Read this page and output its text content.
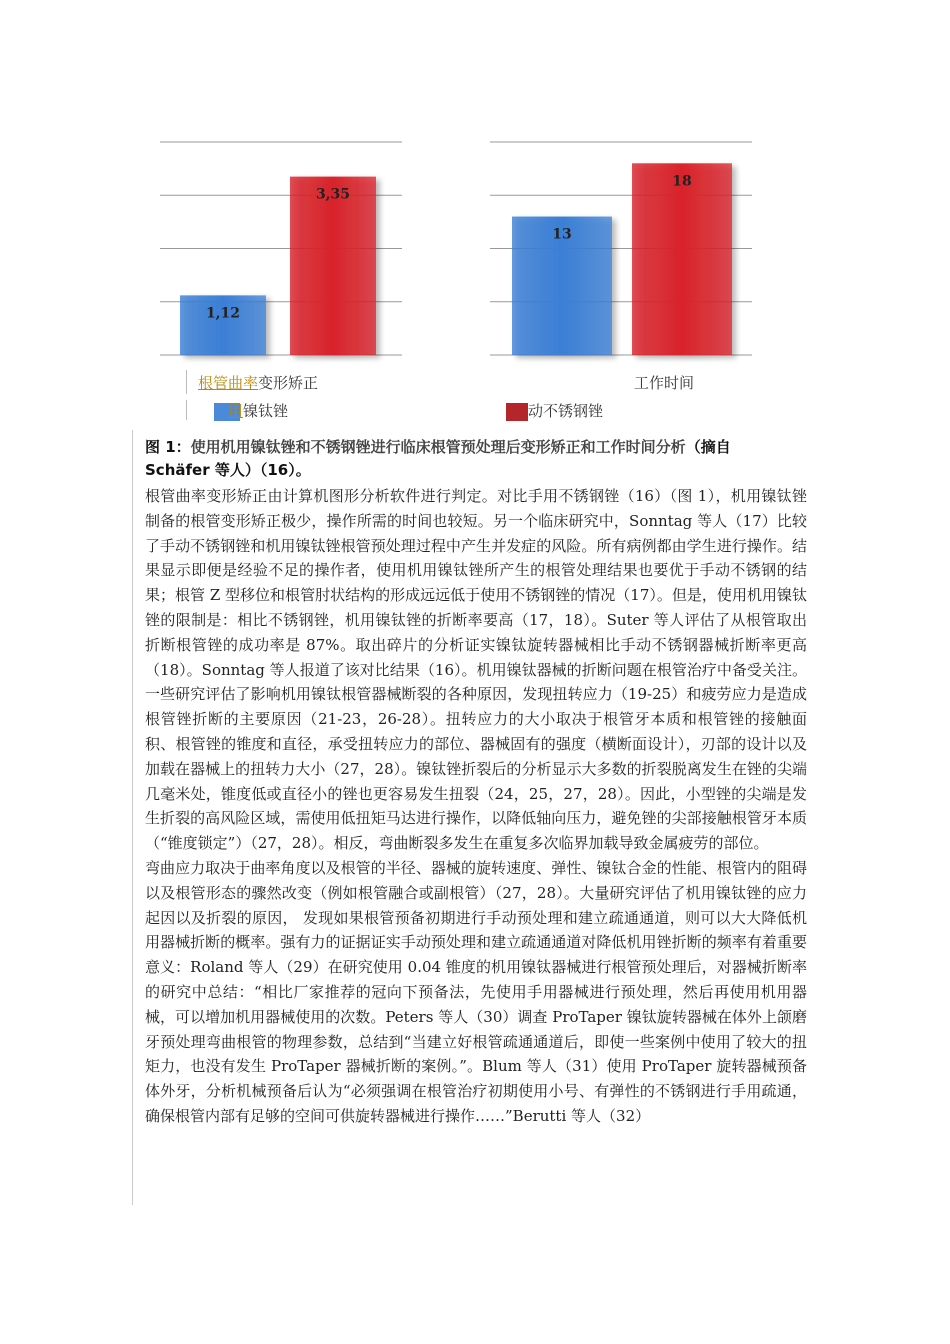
1,12
3,35
13
18
根管曲率变形矫正	工作时间
用镍钛锉	动不锈钢锉
图 1：使用机用镍钛锉和不锈钢锉进行临床根管预处理后变形矫正和工作时间分析（摘自
Schäfer 等人）（16）。

根管曲率变形矫正由计算机图形分析软件进行判定。对比手用不锈钢锉（16）（图 1），机用镍钛锉制备的根管变形矫正极少，操作所需的时间也较短。另一个临床研究中，Sonntag 等人（17）比较了手动不锈钢锉和机用镍钛锉根管预处理过程中产生并发症的风险。所有病例都由学生进行操作。结果显示即便是经验不足的操作者，使用机用镍钛锉所产生的根管处理结果也要优于手动不锈钢的结果；根管 Z 型移位和根管肘状结构的形成远远低于使用不锈钢锉的情况（17）。但是，使用机用镍钛锉的限制是：相比不锈钢锉，机用镍钛锉的折断率要高（17，18）。Suter 等人评估了从根管取出折断根管锉的成功率是 87%。取出碎片的分析证实镍钛旋转器械相比手动不锈钢器械折断率更高（18）。Sonntag 等人报道了该对比结果（16）。机用镍钛器械的折断问题在根管治疗中备受关注。一些研究评估了影响机用镍钛根管器械断裂的各种原因，发现扭转应力（19-25）和疲劳应力是造成根管锉折断的主要原因（21-23，26-28）。扭转应力的大小取决于根管牙本质和根管锉的接触面积、根管锉的锥度和直径，承受扭转应力的部位、器械固有的强度（横断面设计），刃部的设计以及加载在器械上的扭转力大小（27，28）。镍钛锉折裂后的分析显示大多数的折裂脱离发生在锉的尖端几毫米处，锥度低或直径小的锉也更容易发生扭裂（24，25，27，28）。因此，小型锉的尖端是发生折裂的高风险区域，需使用低扭矩马达进行操作，以降低轴向压力，避免锉的尖部接触根管牙本质（“锥度锁定”）（27，28）。相反，弯曲断裂多发生在重复多次临界加载导致金属疲劳的部位。

弯曲应力取决于曲率角度以及根管的半径、器械的旋转速度、弹性、镍钛合金的性能、根管内的阻碍以及根管形态的骤然改变（例如根管融合或副根管）（27，28）。大量研究评估了机用镍钛锉的应力起因以及折裂的原因， 发现如果根管预备初期进行手动预处理和建立疏通通道，则可以大大降低机用器械折断的概率。强有力的证据证实手动预处理和建立疏通通道对降低机用锉折断的频率有着重要意义：Roland 等人（29）在研究使用 0.04 锥度的机用镍钛器械进行根管预处理后，对器械折断率的研究中总结：“相比厂家推荐的冠向下预备法，先使用手用器械进行预处理，然后再使用机用器械，可以增加机用器械使用的次数。Peters 等人（30）调查 ProTaper 镍钛旋转器械在体外上颌磨牙预处理弯曲根管的物理参数，总结到“当建立好根管疏通通道后，即使一些案例中使用了较大的扭矩力，也没有发生 ProTaper 器械折断的案例。”。Blum 等人（31）使用 ProTaper 旋转器械预备体外牙，分析机械预备后认为“必须强调在根管治疗初期使用小号、有弹性的不锈钢进行手用疏通，确保根管内部有足够的空间可供旋转器械进行操作……”Berutti 等人（32）
